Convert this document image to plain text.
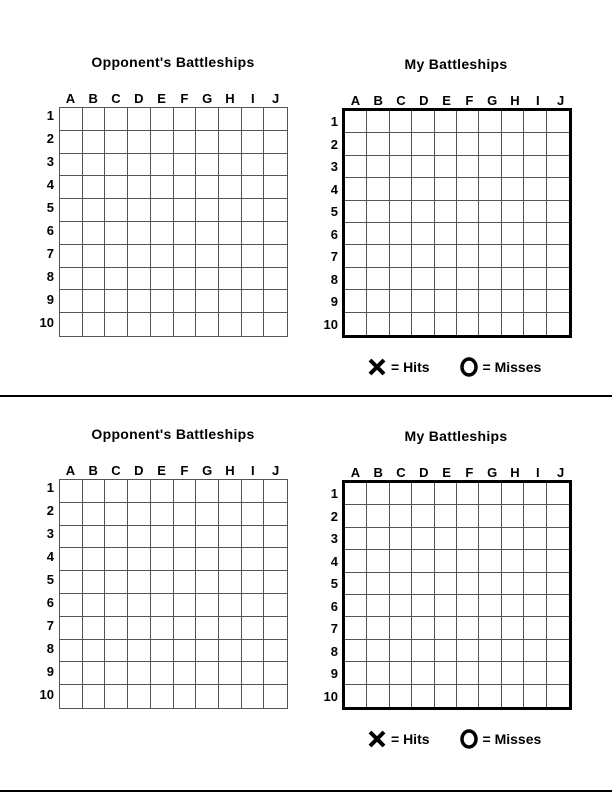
Opponent's Battleships
A	B	C	D	E	F	G	H	I	J
1
2
3
4
5
6
7
8
9
10
My Battleships
A	B	C	D	E	F	G	H	I	J
1
2
3
4
5
6
7
8
9
10
= Hits	= Misses
Opponent's Battleships
A	B	C	D	E	F	G	H	I	J
1
2
3
4
5
6
7
8
9
10
My Battleships
A	B	C	D	E	F	G	H	I	J
1
2
3
4
5
6
7
8
9
10
= Hits	= Misses
